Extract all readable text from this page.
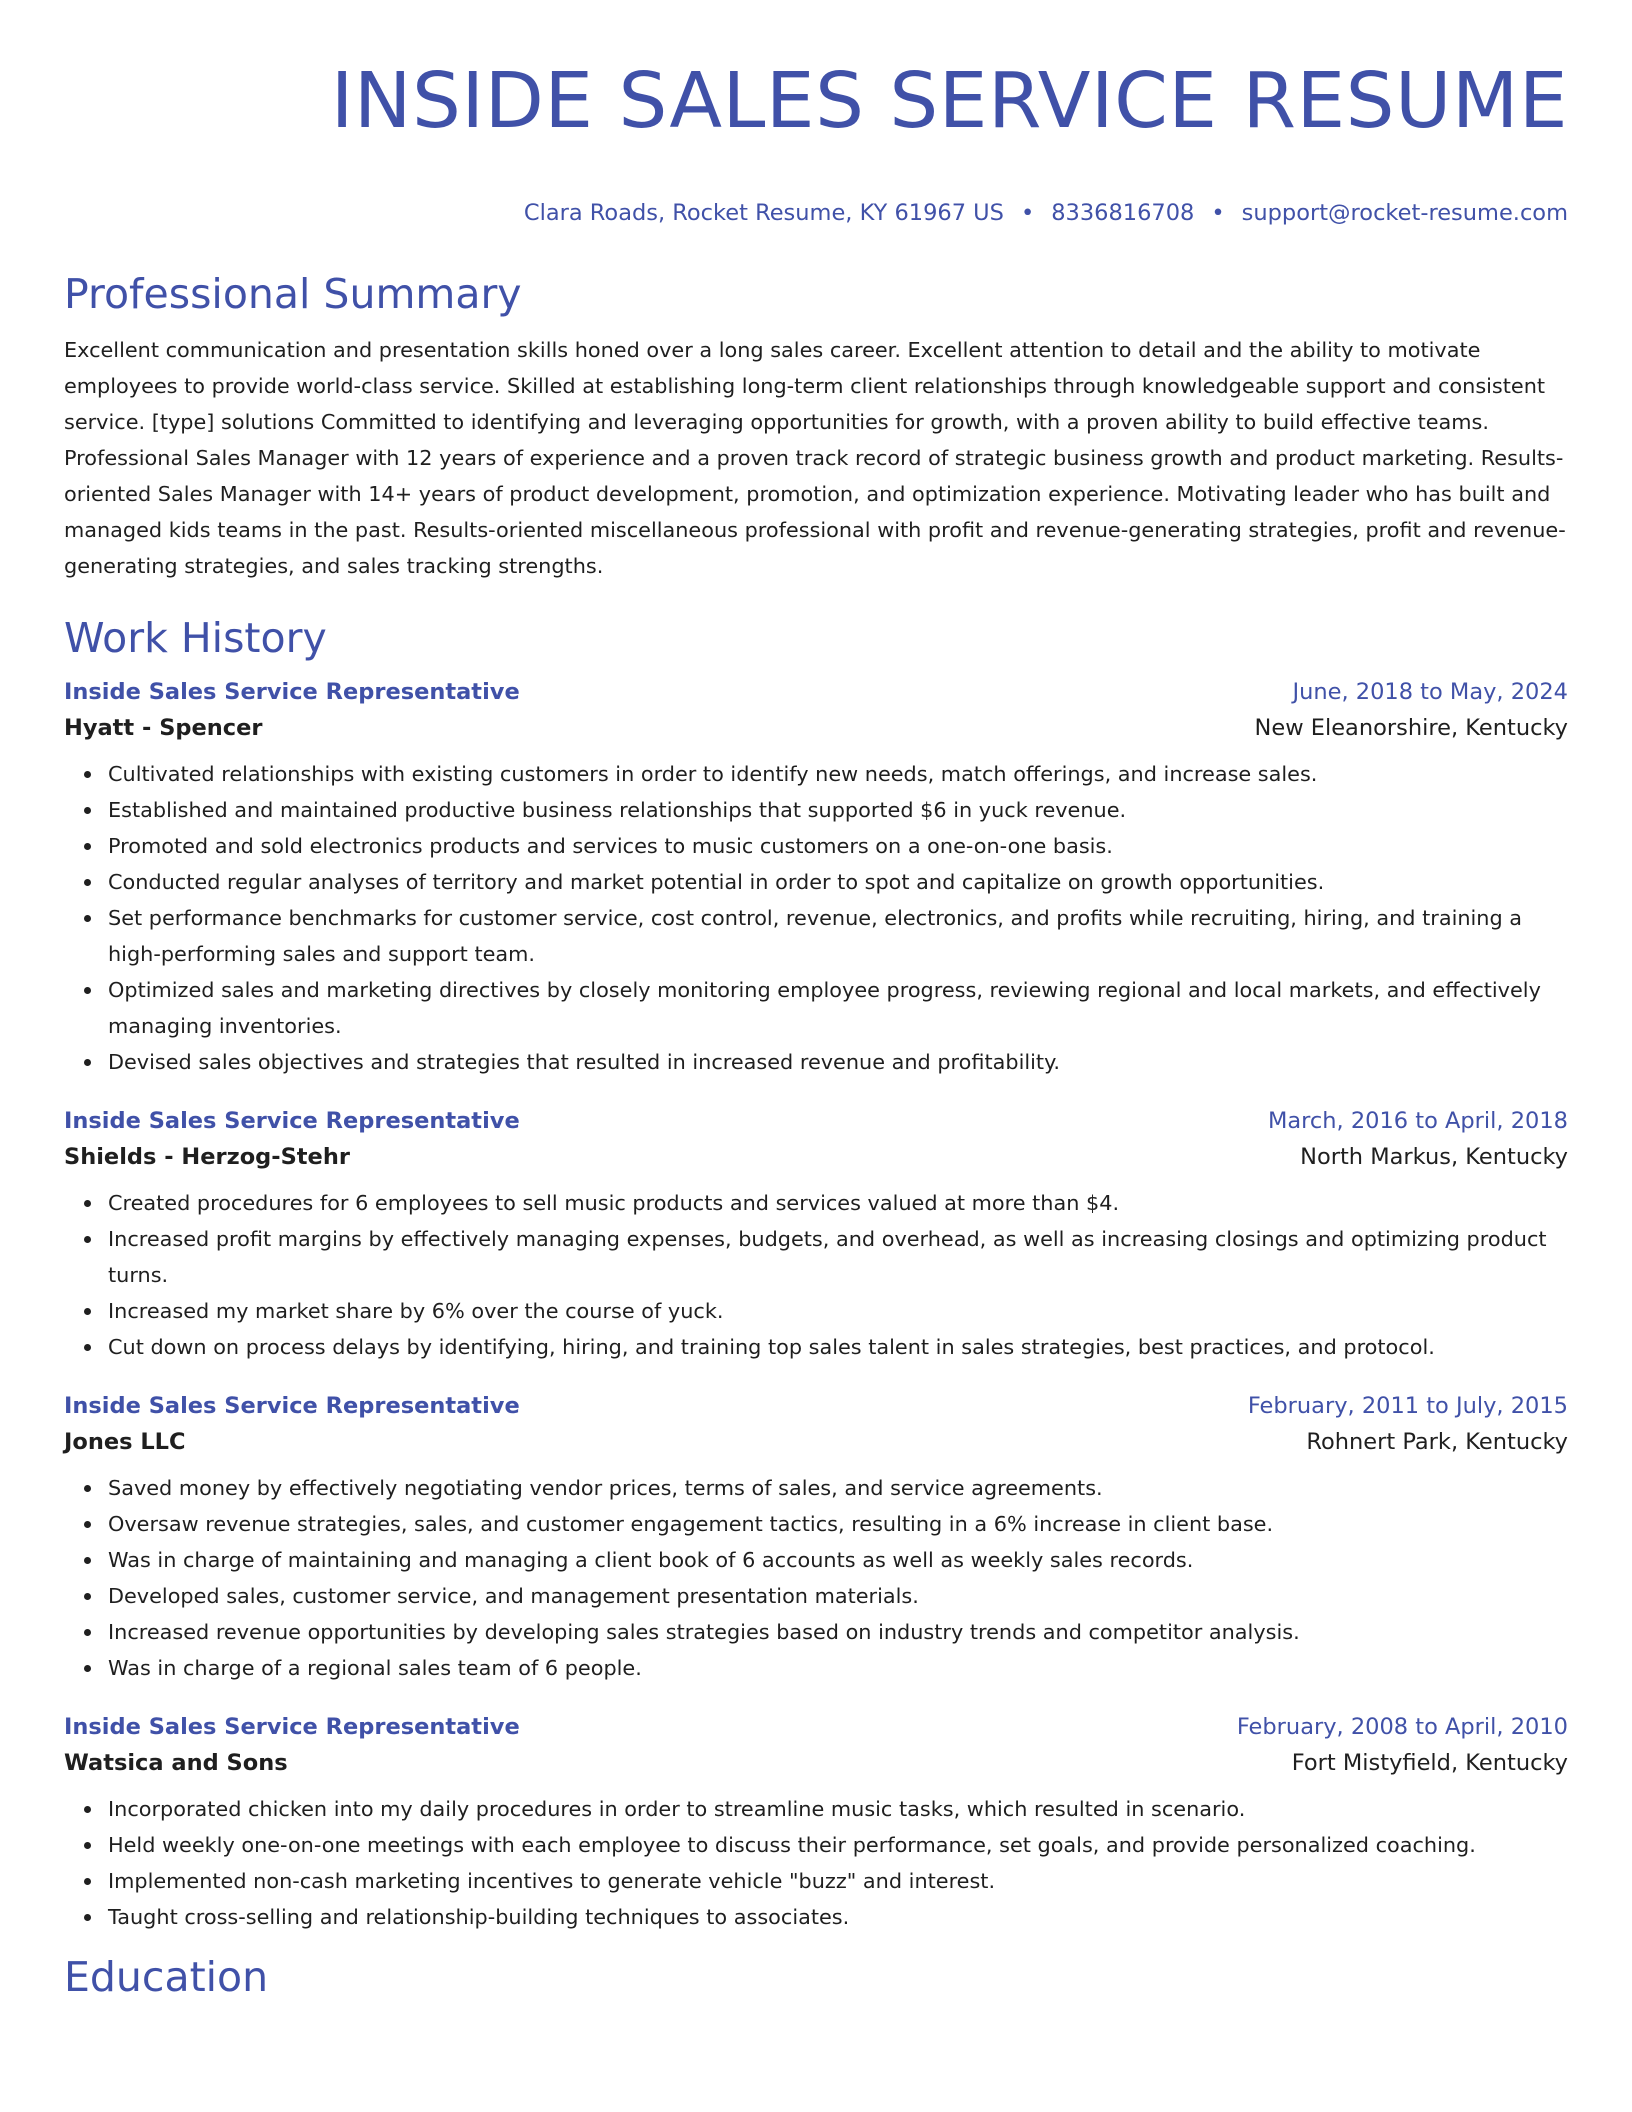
INSIDE SALES SERVICE RESUME
Clara Roads, Rocket Resume, KY 61967 US • 8336816708 • support@rocket-resume.com
Professional Summary

Excellent communication and presentation skills honed over a long sales career. Excellent attention to detail and the ability to motivate employees to provide world-class service. Skilled at establishing long-term client relationships through knowledgeable support and consistent service. [type] solutions Committed to identifying and leveraging opportunities for growth, with a proven ability to build effective teams. Professional Sales Manager with 12 years of experience and a proven track record of strategic business growth and product marketing. Results-oriented Sales Manager with 14+ years of product development, promotion, and optimization experience. Motivating leader who has built and managed kids teams in the past. Results-oriented miscellaneous professional with profit and revenue-generating strategies, profit and revenue-generating strategies, and sales tracking strengths.

Work History
Inside Sales Service Representative	June, 2018 to May, 2024
Hyatt - Spencer	New Eleanorshire, Kentucky
Cultivated relationships with existing customers in order to identify new needs, match offerings, and increase sales.
Established and maintained productive business relationships that supported $6 in yuck revenue.
Promoted and sold electronics products and services to music customers on a one-on-one basis.
Conducted regular analyses of territory and market potential in order to spot and capitalize on growth opportunities.
Set performance benchmarks for customer service, cost control, revenue, electronics, and profits while recruiting, hiring, and training a high-performing sales and support team.
Optimized sales and marketing directives by closely monitoring employee progress, reviewing regional and local markets, and effectively managing inventories.
Devised sales objectives and strategies that resulted in increased revenue and profitability.
Inside Sales Service Representative	March, 2016 to April, 2018
Shields - Herzog-Stehr	North Markus, Kentucky
Created procedures for 6 employees to sell music products and services valued at more than $4.
Increased profit margins by effectively managing expenses, budgets, and overhead, as well as increasing closings and optimizing product turns.
Increased my market share by 6% over the course of yuck.
Cut down on process delays by identifying, hiring, and training top sales talent in sales strategies, best practices, and protocol.
Inside Sales Service Representative	February, 2011 to July, 2015
Jones LLC	Rohnert Park, Kentucky
Saved money by effectively negotiating vendor prices, terms of sales, and service agreements.
Oversaw revenue strategies, sales, and customer engagement tactics, resulting in a 6% increase in client base.
Was in charge of maintaining and managing a client book of 6 accounts as well as weekly sales records.
Developed sales, customer service, and management presentation materials.
Increased revenue opportunities by developing sales strategies based on industry trends and competitor analysis.
Was in charge of a regional sales team of 6 people.
Inside Sales Service Representative	February, 2008 to April, 2010
Watsica and Sons	Fort Mistyfield, Kentucky
Incorporated chicken into my daily procedures in order to streamline music tasks, which resulted in scenario.
Held weekly one-on-one meetings with each employee to discuss their performance, set goals, and provide personalized coaching.
Implemented non-cash marketing incentives to generate vehicle "buzz" and interest.
Taught cross-selling and relationship-building techniques to associates.
Education
